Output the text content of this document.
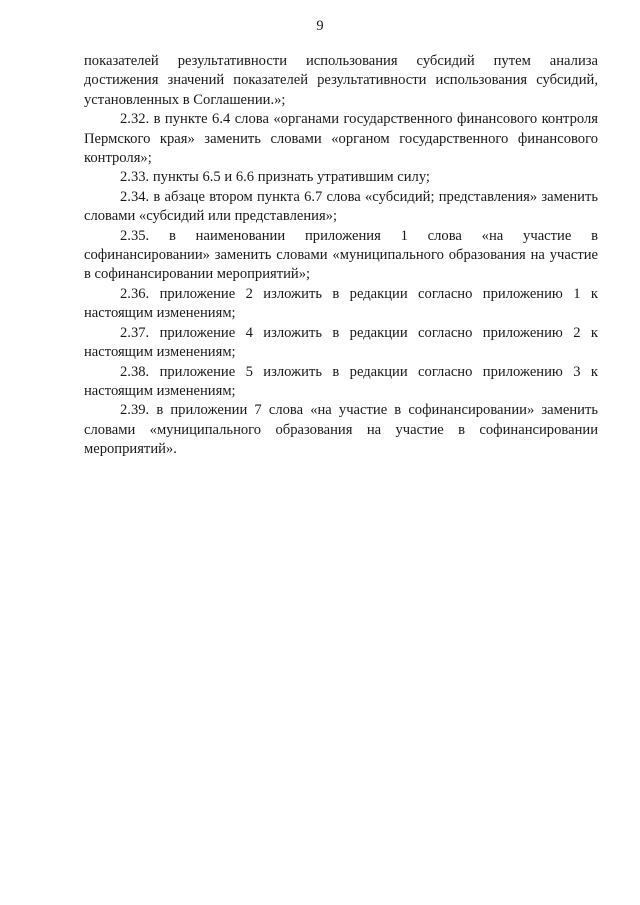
9

показателей результативности использования субсидий путем анализа достижения значений показателей результативности использования субсидий, установленных в Соглашении.»;

2.32. в пункте 6.4 слова «органами государственного финансового контроля Пермского края» заменить словами «органом государственного финансового контроля»;

2.33. пункты 6.5 и 6.6 признать утратившим силу;

2.34. в абзаце втором пункта 6.7 слова «субсидий; представления» заменить словами «субсидий или представления»;

2.35. в наименовании приложения 1 слова «на участие в софинансировании» заменить словами «муниципального образования на участие в софинансировании мероприятий»;

2.36. приложение 2 изложить в редакции согласно приложению 1 к настоящим изменениям;

2.37. приложение 4 изложить в редакции согласно приложению 2 к настоящим изменениям;

2.38. приложение 5 изложить в редакции согласно приложению 3 к настоящим изменениям;

2.39. в приложении 7 слова «на участие в софинансировании» заменить словами «муниципального образования на участие в софинансировании мероприятий».
